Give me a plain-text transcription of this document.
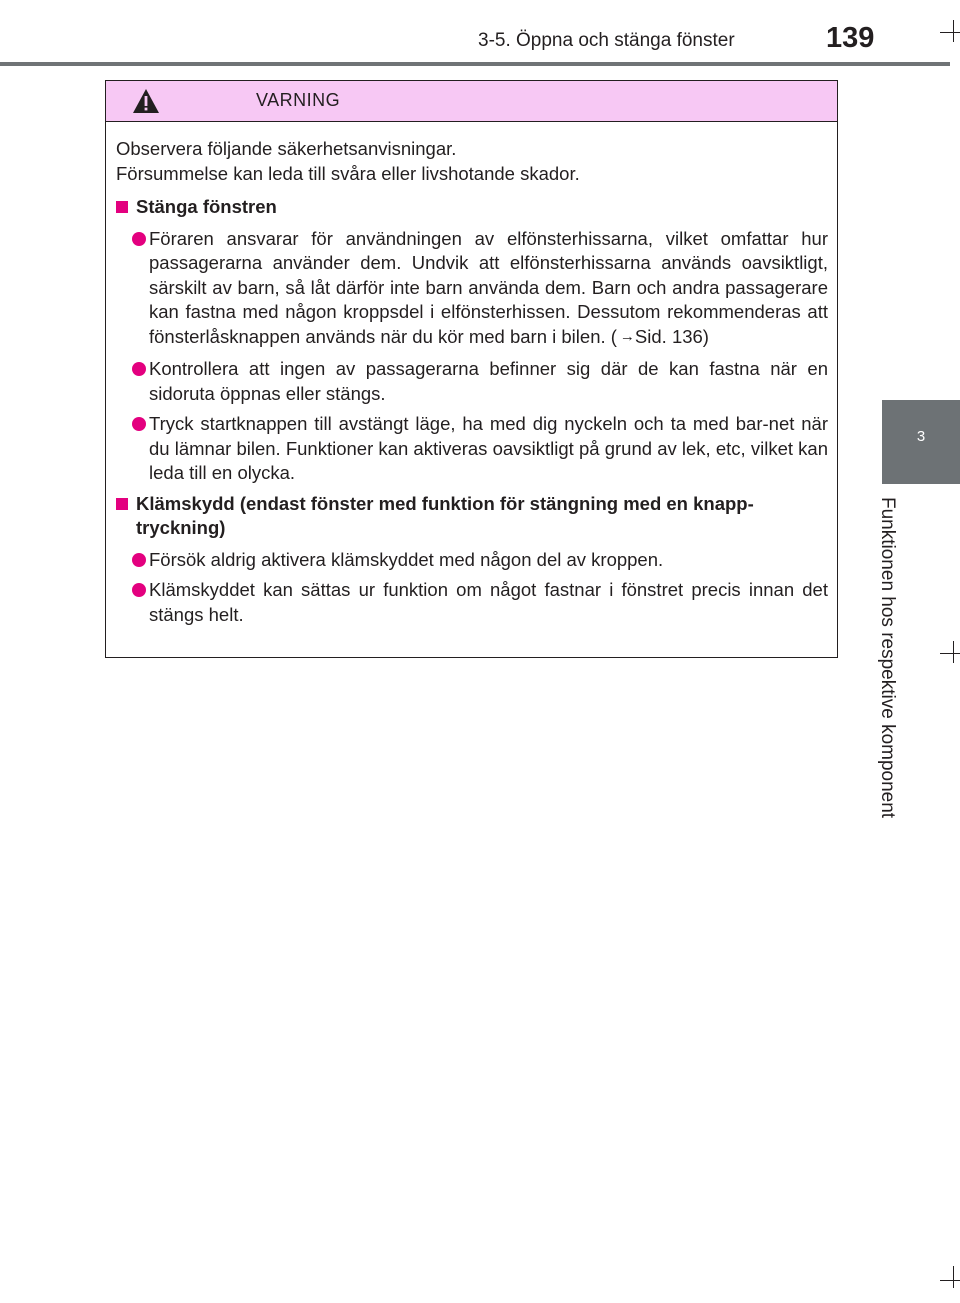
3-5. Öppna och stänga fönster	139
3
Funktionen hos respektive komponent
VARNING
Observera följande säkerhetsanvisningar.
Försummelse kan leda till svåra eller livshotande skador.
Stänga fönstren
Föraren ansvarar för användningen av elfönsterhissarna, vilket omfattar hur passagerarna använder dem. Undvik att elfönsterhissarna används oavsiktligt, särskilt av barn, så låt därför inte barn använda dem. Barn och andra passagerare kan fastna med någon kroppsdel i elfönsterhissen. Dessutom rekommenderas att fönsterlåsknappen används när du kör med barn i bilen. ( →Sid. 136)
Kontrollera att ingen av passagerarna befinner sig där de kan fastna när en sidoruta öppnas eller stängs.
Tryck startknappen till avstängt läge, ha med dig nyckeln och ta med bar-net när du lämnar bilen. Funktioner kan aktiveras oavsiktligt på grund av lek, etc, vilket kan leda till en olycka.
Klämskydd (endast fönster med funktion för stängning med en knapp-tryckning)
Försök aldrig aktivera klämskyddet med någon del av kroppen.
Klämskyddet kan sättas ur funktion om något fastnar i fönstret precis innan det stängs helt.
